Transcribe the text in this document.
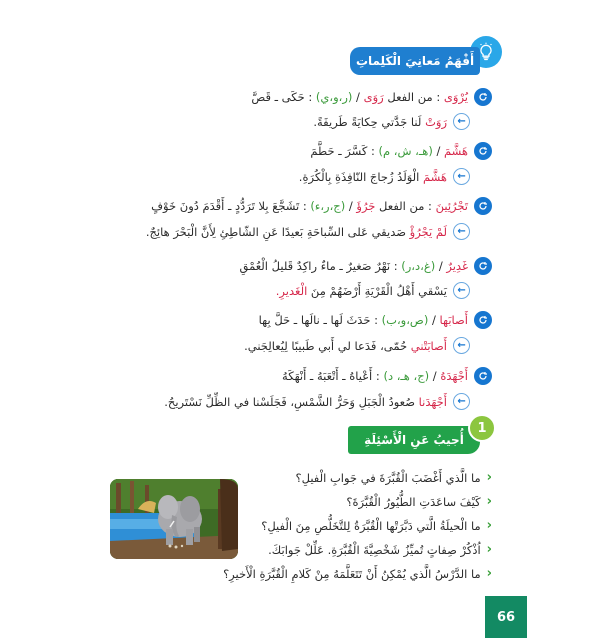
أَفْهَمُ مَعانِيَ الْكَلِماتِ
يُرْوَى : من الفعل رَوَى / (ر،و،ي) : حَكَى ـ قَصَّ
←
رَوَتْ لَنا جَدَّتي حِكايَةً طَريفَةً.
هَشَّمَ / (هـ، ش، م) : كَسَّرَ ـ حَطَّمَ
←
هَشَّمَ الْوَلَدُ زُجاجَ النّافِذَةِ بِالْكُرَةِ.
تَجْرُئِينَ : من الفعل جَرُؤَ / (ج،ر،ء) : تَشَجَّعَ بِلا تَرَدُّدٍ ـ أَقْدَمَ دُونَ خَوْفٍ
←
لَمْ يَجْرُؤْ صَديقي عَلى السِّباحَةِ بَعيدًا عَنِ الشّاطِئِ لِأَنَّ الْبَحْرَ هائِجٌ.
غَدِيرٌ / (غ،د،ر) : نَهْرٌ صَغيرٌ ـ ماءٌ راكِدٌ قَليلُ الْعُمْقِ
←
يَسْقي أَهْلُ الْقَرْيَةِ أَرْضَهُمْ مِنَ الْغَديرِ.
أَصابَها / (ص،و،ب) : حَدَثَ لَها ـ نالَها ـ حَلَّ بِها
←
أَصابَتْني حُمّى، فَدَعا لي أَبي طَبيبًا لِيُعالِجَني.
أَجْهَدَهُ / (ج، هـ، د) : أَعْياهُ ـ أَتْعَبَهُ ـ أَنْهَكَهُ
←
أَجْهَدَنا صُعودُ الْجَبَلِ وَحَرُّ الشَّمْسِ، فَجَلَسْنا في الظِّلِّ نَسْتَريحُ.
أُجيبُ عَنِ الْأَسْئِلَةِ
1
‹
ما الَّذي أَغْضَبَ الْقُبَّرَةَ في جَوابِ الْفيلِ؟
‹
كَيْفَ ساعَدَتِ الطُّيُورُ الْقُبَّرَةَ؟
‹
ما الْحيلَةُ الَّتي دَبَّرَتْها الْقُبَّرَةُ لِلتَّخَلُّصِ مِنَ الْفيلِ؟
‹
اُذْكُرْ صِفاتٍ تُميِّزُ شَخْصِيَّةَ الْقُبَّرَةِ. عَلِّلْ جَوابَكَ.
‹
ما الدَّرْسُ الَّذي يُمْكِنُ أَنْ تَتَعَلَّمَهُ مِنْ كَلامِ الْقُبَّرَةِ الْأَخيرِ؟
66
